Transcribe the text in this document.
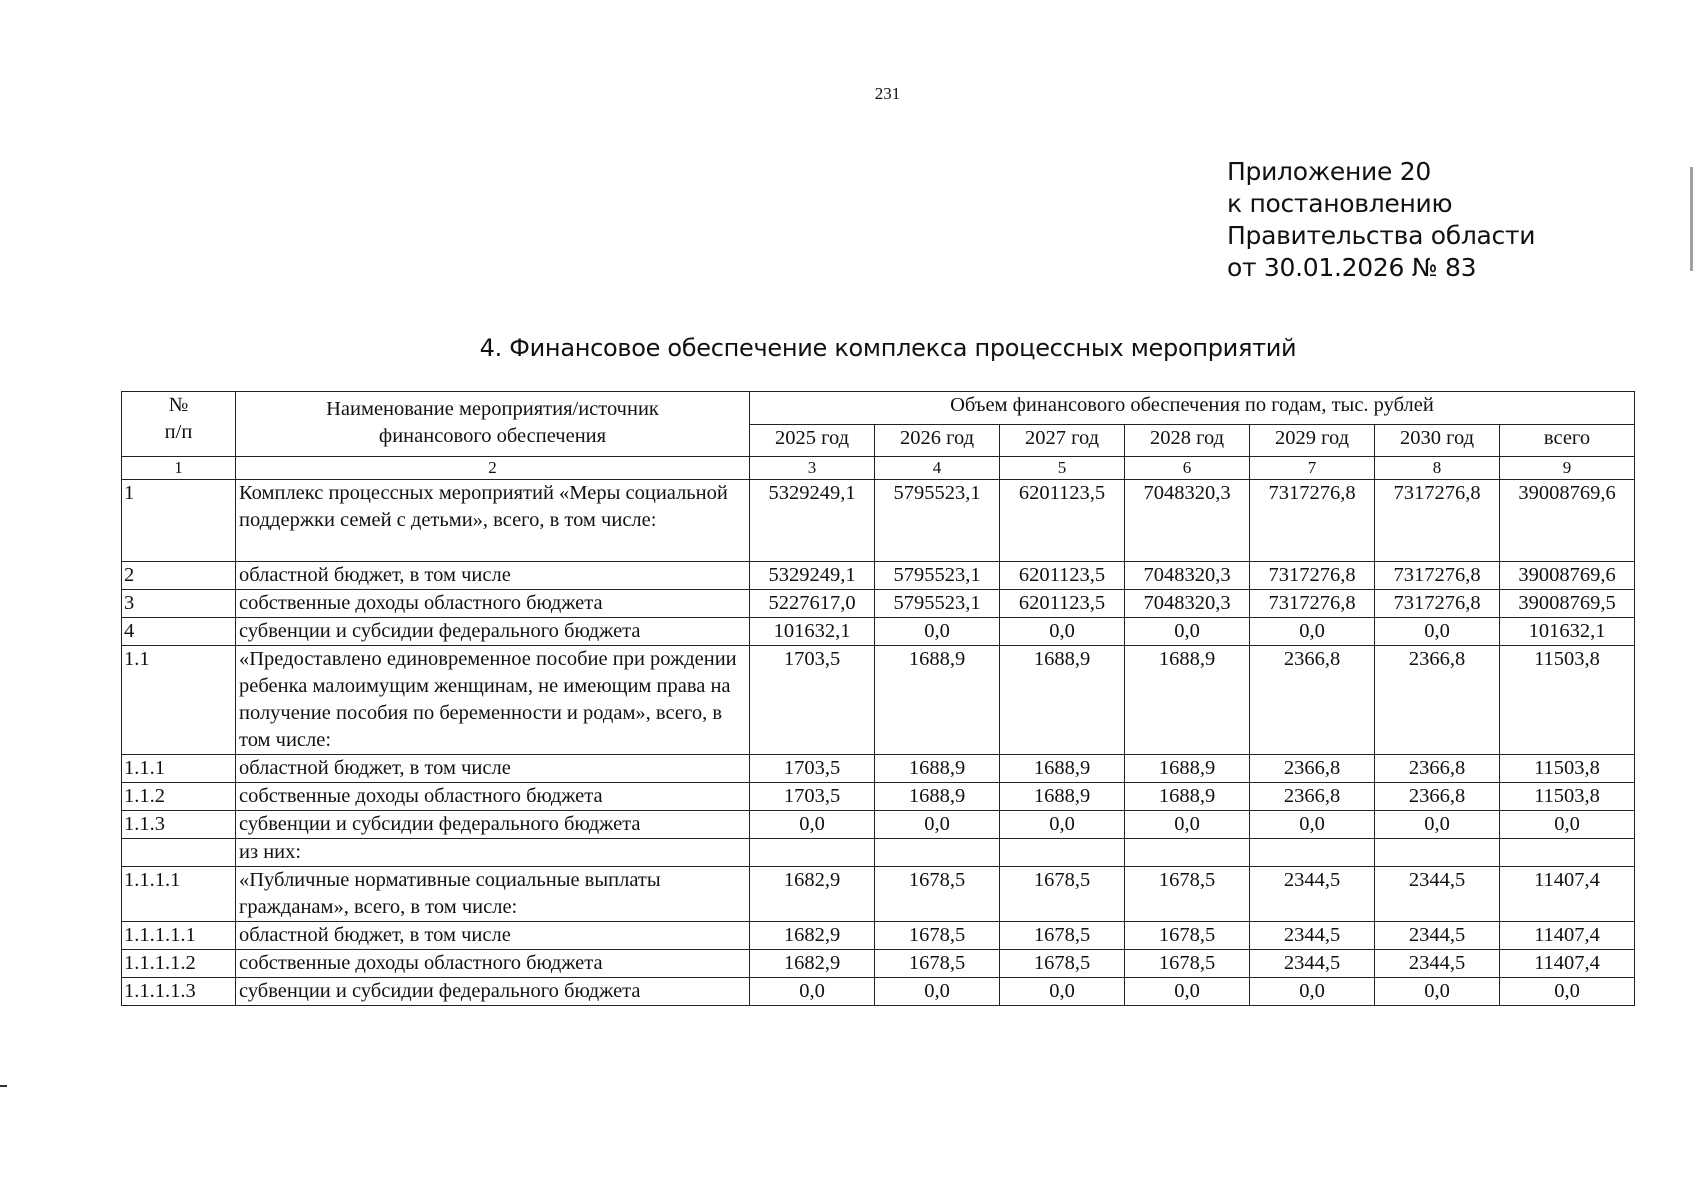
231
Приложение 20
к постановлению
Правительства области
от 30.01.2026 № 83
4. Финансовое обеспечение комплекса процессных мероприятий
№
п/п	Наименование мероприятия/источник финансового обеспечения	Объем финансового обеспечения по годам, тыс. рублей						
		2025 год	2026 год	2027 год	2028 год	2029 год	2030 год	всего
1	2	3	4	5	6	7	8	9
1	Комплекс процессных мероприятий «Меры социальной поддержки семей с детьми», всего, в том числе:	5329249,1	5795523,1	6201123,5	7048320,3	7317276,8	7317276,8	39008769,6
2	областной бюджет, в том числе	5329249,1	5795523,1	6201123,5	7048320,3	7317276,8	7317276,8	39008769,6
3	собственные доходы областного бюджета	5227617,0	5795523,1	6201123,5	7048320,3	7317276,8	7317276,8	39008769,5
4	субвенции и субсидии федерального бюджета	101632,1	0,0	0,0	0,0	0,0	0,0	101632,1
1.1	«Предоставлено единовременное пособие при рождении ребенка малоимущим женщинам, не имеющим права на получение пособия по беременности и родам», всего, в том числе:	1703,5	1688,9	1688,9	1688,9	2366,8	2366,8	11503,8
1.1.1	областной бюджет, в том числе	1703,5	1688,9	1688,9	1688,9	2366,8	2366,8	11503,8
1.1.2	собственные доходы областного бюджета	1703,5	1688,9	1688,9	1688,9	2366,8	2366,8	11503,8
1.1.3	субвенции и субсидии федерального бюджета	0,0	0,0	0,0	0,0	0,0	0,0	0,0
	из них:							
1.1.1.1	«Публичные нормативные социальные выплаты гражданам», всего, в том числе:	1682,9	1678,5	1678,5	1678,5	2344,5	2344,5	11407,4
1.1.1.1.1	областной бюджет, в том числе	1682,9	1678,5	1678,5	1678,5	2344,5	2344,5	11407,4
1.1.1.1.2	собственные доходы областного бюджета	1682,9	1678,5	1678,5	1678,5	2344,5	2344,5	11407,4
1.1.1.1.3	субвенции и субсидии федерального бюджета	0,0	0,0	0,0	0,0	0,0	0,0	0,0
